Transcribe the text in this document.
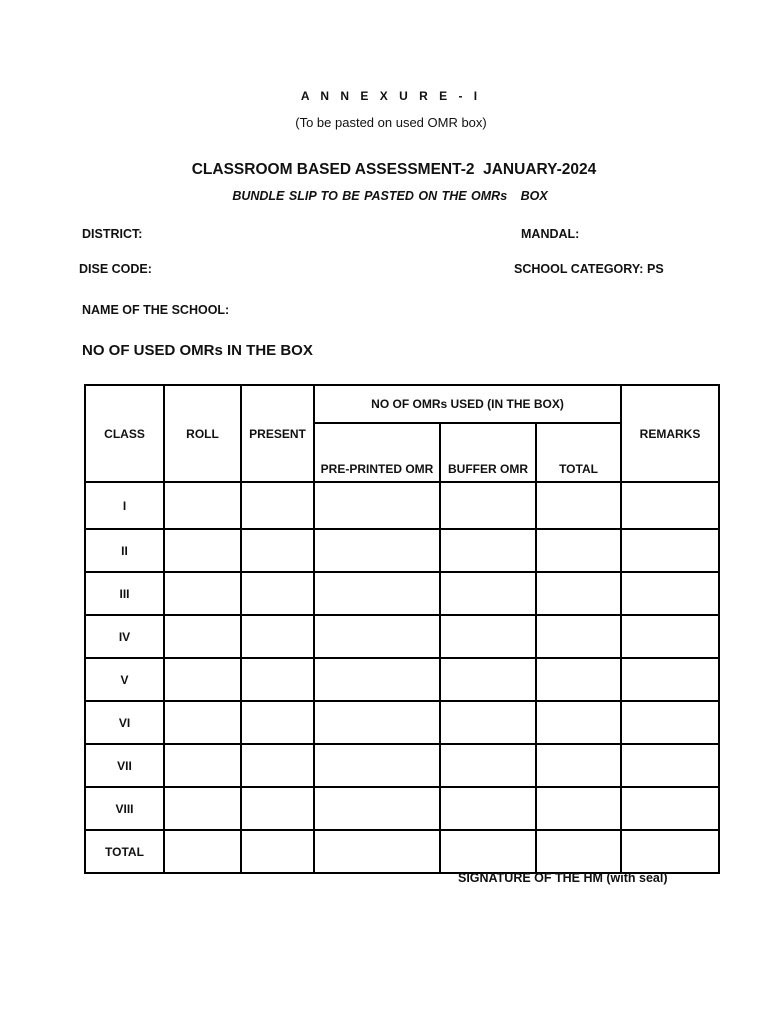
A N N E X U R E - I
(To be pasted on used OMR box)
CLASSROOM BASED ASSESSMENT-2  JANUARY-2024
BUNDLE SLIP TO BE PASTED ON THE OMRs   BOX
DISTRICT:	MANDAL:
DISE CODE:	SCHOOL CATEGORY: PS
NAME OF THE SCHOOL:
NO OF USED OMRs IN THE BOX
CLASS	ROLL	PRESENT	NO OF OMRs USED (IN THE BOX)			REMARKS
			PRE-PRINTED OMR	BUFFER OMR	TOTAL	
I						
II						
III						
IV						
V						
VI						
VII						
VIII						
TOTAL						
SIGNATURE OF THE HM (with seal)
